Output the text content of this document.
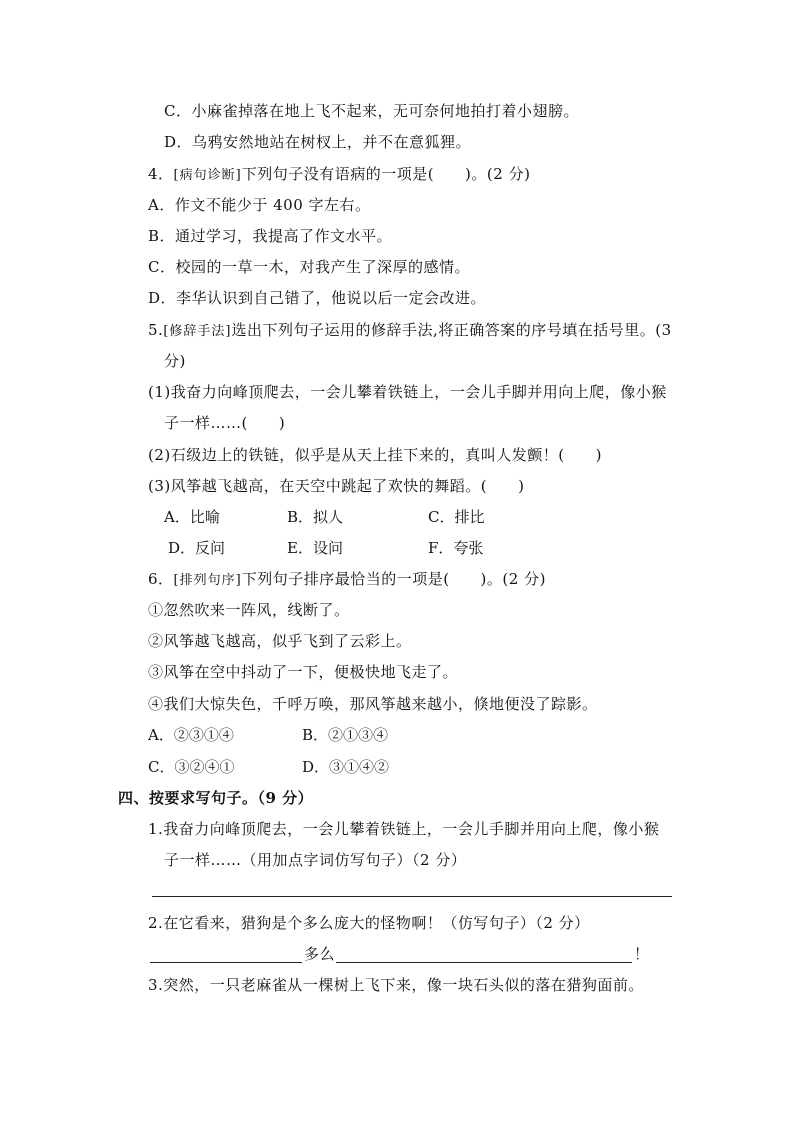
C．小麻雀掉落在地上飞不起来，无可奈何地拍打着小翅膀。
D．乌鸦安然地站在树杈上，并不在意狐狸。
4．[病句诊断]下列句子没有语病的一项是(　　)。(2 分)
A．作文不能少于 400 字左右。
B．通过学习，我提高了作文水平。
C．校园的一草一木，对我产生了深厚的感情。
D．李华认识到自己错了，他说以后一定会改进。
5.[修辞手法]选出下列句子运用的修辞手法,将正确答案的序号填在括号里。(3
分)
(1)我奋力向峰顶爬去，一会儿攀着铁链上，一会儿手脚并用向上爬，像小猴
子一样……(　　)
(2)石级边上的铁链，似乎是从天上挂下来的，真叫人发颤！(　　)
(3)风筝越飞越高，在天空中跳起了欢快的舞蹈。(　　)
A．比喻	B．拟人	C．排比
D．反问	E．设问	F．夸张
6．[排列句序]下列句子排序最恰当的一项是(　　)。(2 分)
①忽然吹来一阵风，线断了。
②风筝越飞越高，似乎飞到了云彩上。
③风筝在空中抖动了一下，便极快地飞走了。
④我们大惊失色，千呼万唤，那风筝越来越小，倏地便没了踪影。
A．②③①④	B．②①③④
C．③②④①	D．③①④②
四、按要求写句子。（9 分）
1.我奋力向峰顶爬去，一会儿攀着铁链上，一会儿手脚并用向上爬，像小猴
子一样……（用加点字词仿写句子）（2 分）
2.在它看来，猎狗是个多么庞大的怪物啊！（仿写句子）（2 分）
多么	！
3.突然，一只老麻雀从一棵树上飞下来，像一块石头似的落在猎狗面前。
